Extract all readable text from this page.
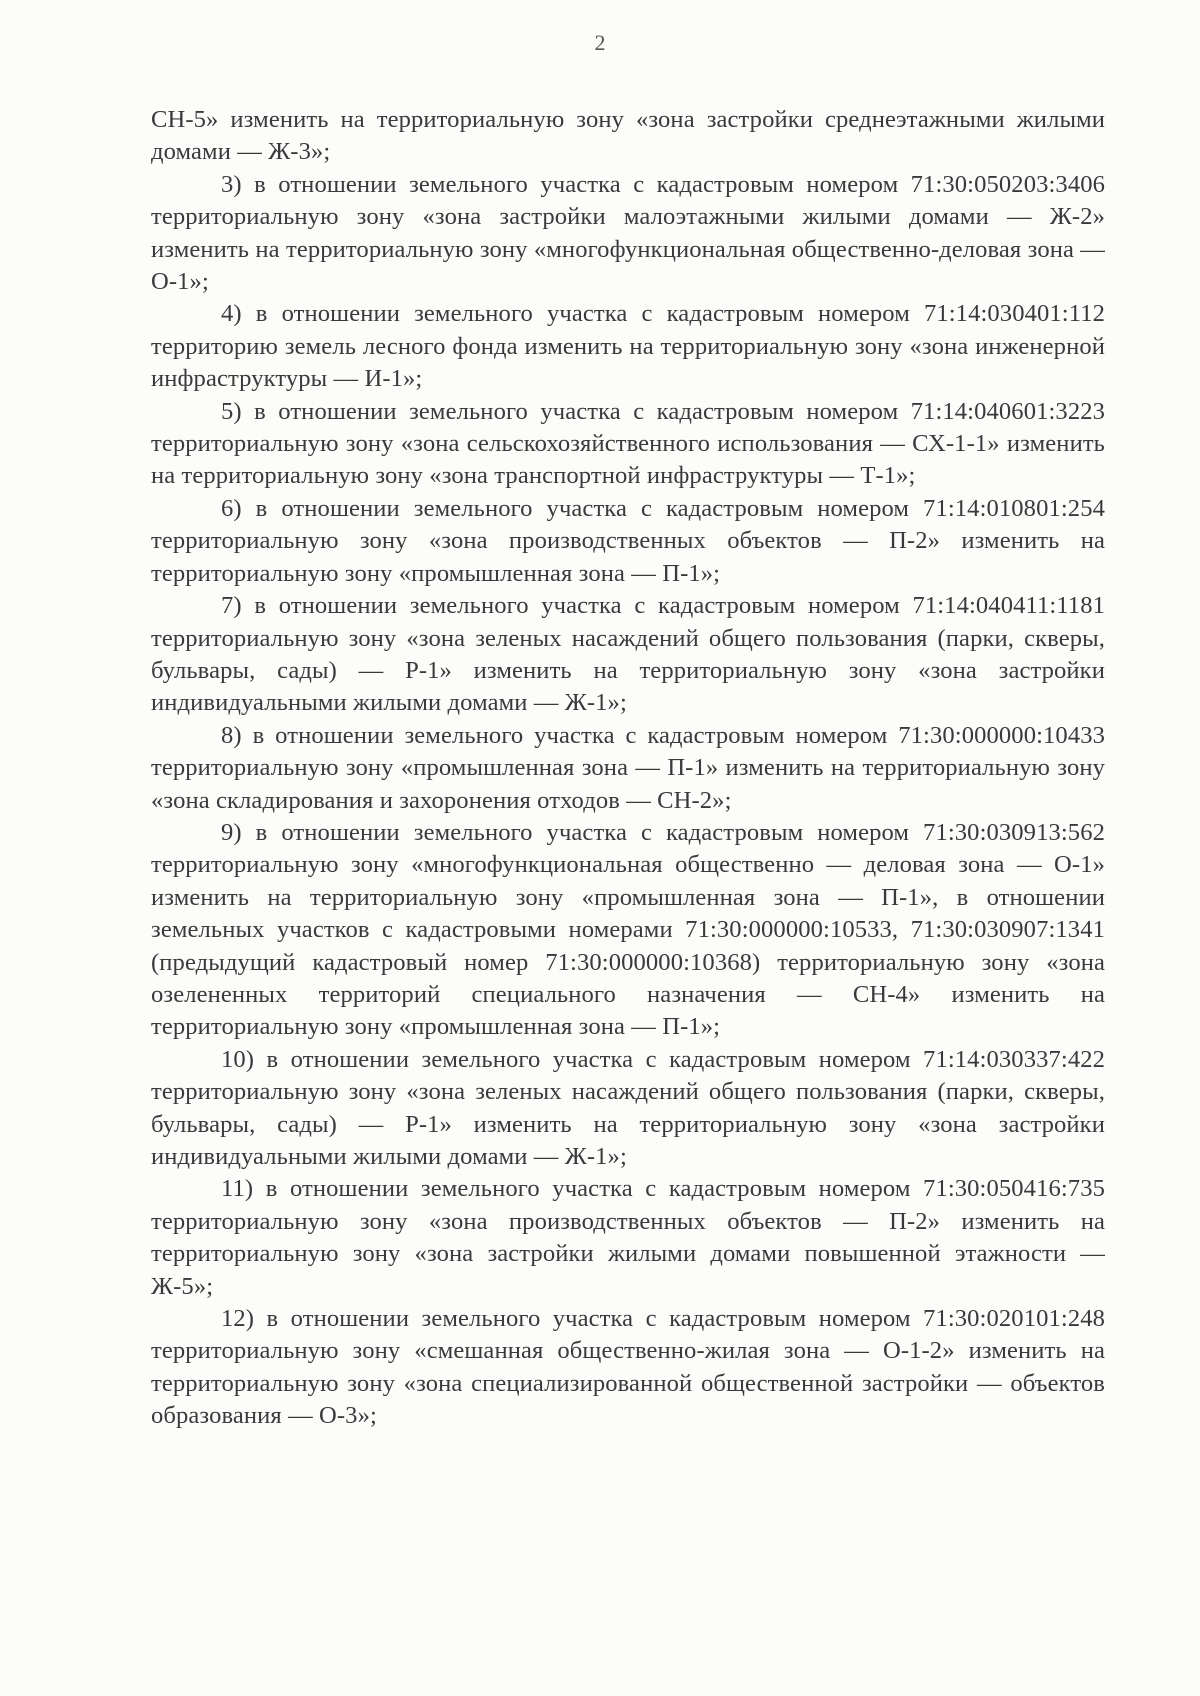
2

СН-5» изменить на территориальную зону «зона застройки среднеэтажными жилыми домами — Ж-3»;

3) в отношении земельного участка с кадастровым номером 71:30:050203:3406 территориальную зону «зона застройки малоэтажными жилыми домами — Ж-2» изменить на территориальную зону «многофункциональная общественно-деловая зона — О-1»;

4) в отношении земельного участка с кадастровым номером 71:14:030401:112 территорию земель лесного фонда изменить на территориальную зону «зона инженерной инфраструктуры — И-1»;

5) в отношении земельного участка с кадастровым номером 71:14:040601:3223 территориальную зону «зона сельскохозяйственного использования — СХ-1-1» изменить на территориальную зону «зона транспортной инфраструктуры — Т-1»;

6) в отношении земельного участка с кадастровым номером 71:14:010801:254 территориальную зону «зона производственных объектов — П-2» изменить на территориальную зону «промышленная зона — П-1»;

7) в отношении земельного участка с кадастровым номером 71:14:040411:1181 территориальную зону «зона зеленых насаждений общего пользования (парки, скверы, бульвары, сады) — Р-1» изменить на территориальную зону «зона застройки индивидуальными жилыми домами — Ж-1»;

8) в отношении земельного участка с кадастровым номером 71:30:000000:10433 территориальную зону «промышленная зона — П-1» изменить на территориальную зону «зона складирования и захоронения отходов — СН-2»;

9) в отношении земельного участка с кадастровым номером 71:30:030913:562 территориальную зону «многофункциональная общественно — деловая зона — О-1» изменить на территориальную зону «промышленная зона — П-1», в отношении земельных участков с кадастровыми номерами 71:30:000000:10533, 71:30:030907:1341 (предыдущий кадастровый номер 71:30:000000:10368) территориальную зону «зона озелененных территорий специального назначения — СН-4» изменить на территориальную зону «промышленная зона — П-1»;

10) в отношении земельного участка с кадастровым номером 71:14:030337:422 территориальную зону «зона зеленых насаждений общего пользования (парки, скверы, бульвары, сады) — Р-1» изменить на территориальную зону «зона застройки индивидуальными жилыми домами — Ж-1»;

11) в отношении земельного участка с кадастровым номером 71:30:050416:735 территориальную зону «зона производственных объектов — П-2» изменить на территориальную зону «зона застройки жилыми домами повышенной этажности — Ж-5»;

12) в отношении земельного участка с кадастровым номером 71:30:020101:248 территориальную зону «смешанная общественно-жилая зона — О-1-2» изменить на территориальную зону «зона специализированной общественной застройки — объектов образования — О-3»;
